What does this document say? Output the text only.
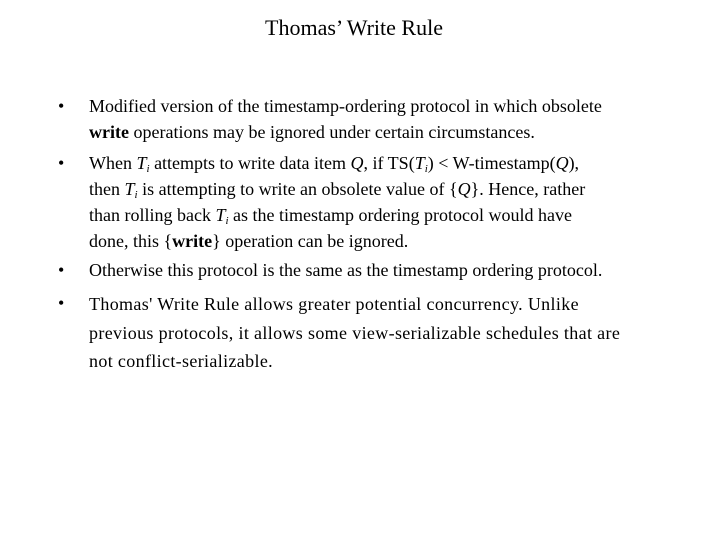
Thomas’ Write Rule
•	Modified version of the timestamp-ordering protocol in which obsolete
write operations may be ignored under certain circumstances.
•	When $T_i$ attempts to write data item Q, if $TS(T_i)$ < W-timestamp(Q),
then $T_i$ is attempting to write an obsolete value of {Q}. Hence, rather
than rolling back $T_i$ as the timestamp ordering protocol would have
done, this {write} operation can be ignored.
•	Otherwise this protocol is the same as the timestamp ordering protocol.
•	Thomas' Write Rule allows greater potential concurrency. Unlike
previous protocols, it allows some view-serializable schedules that are
not conflict-serializable.
